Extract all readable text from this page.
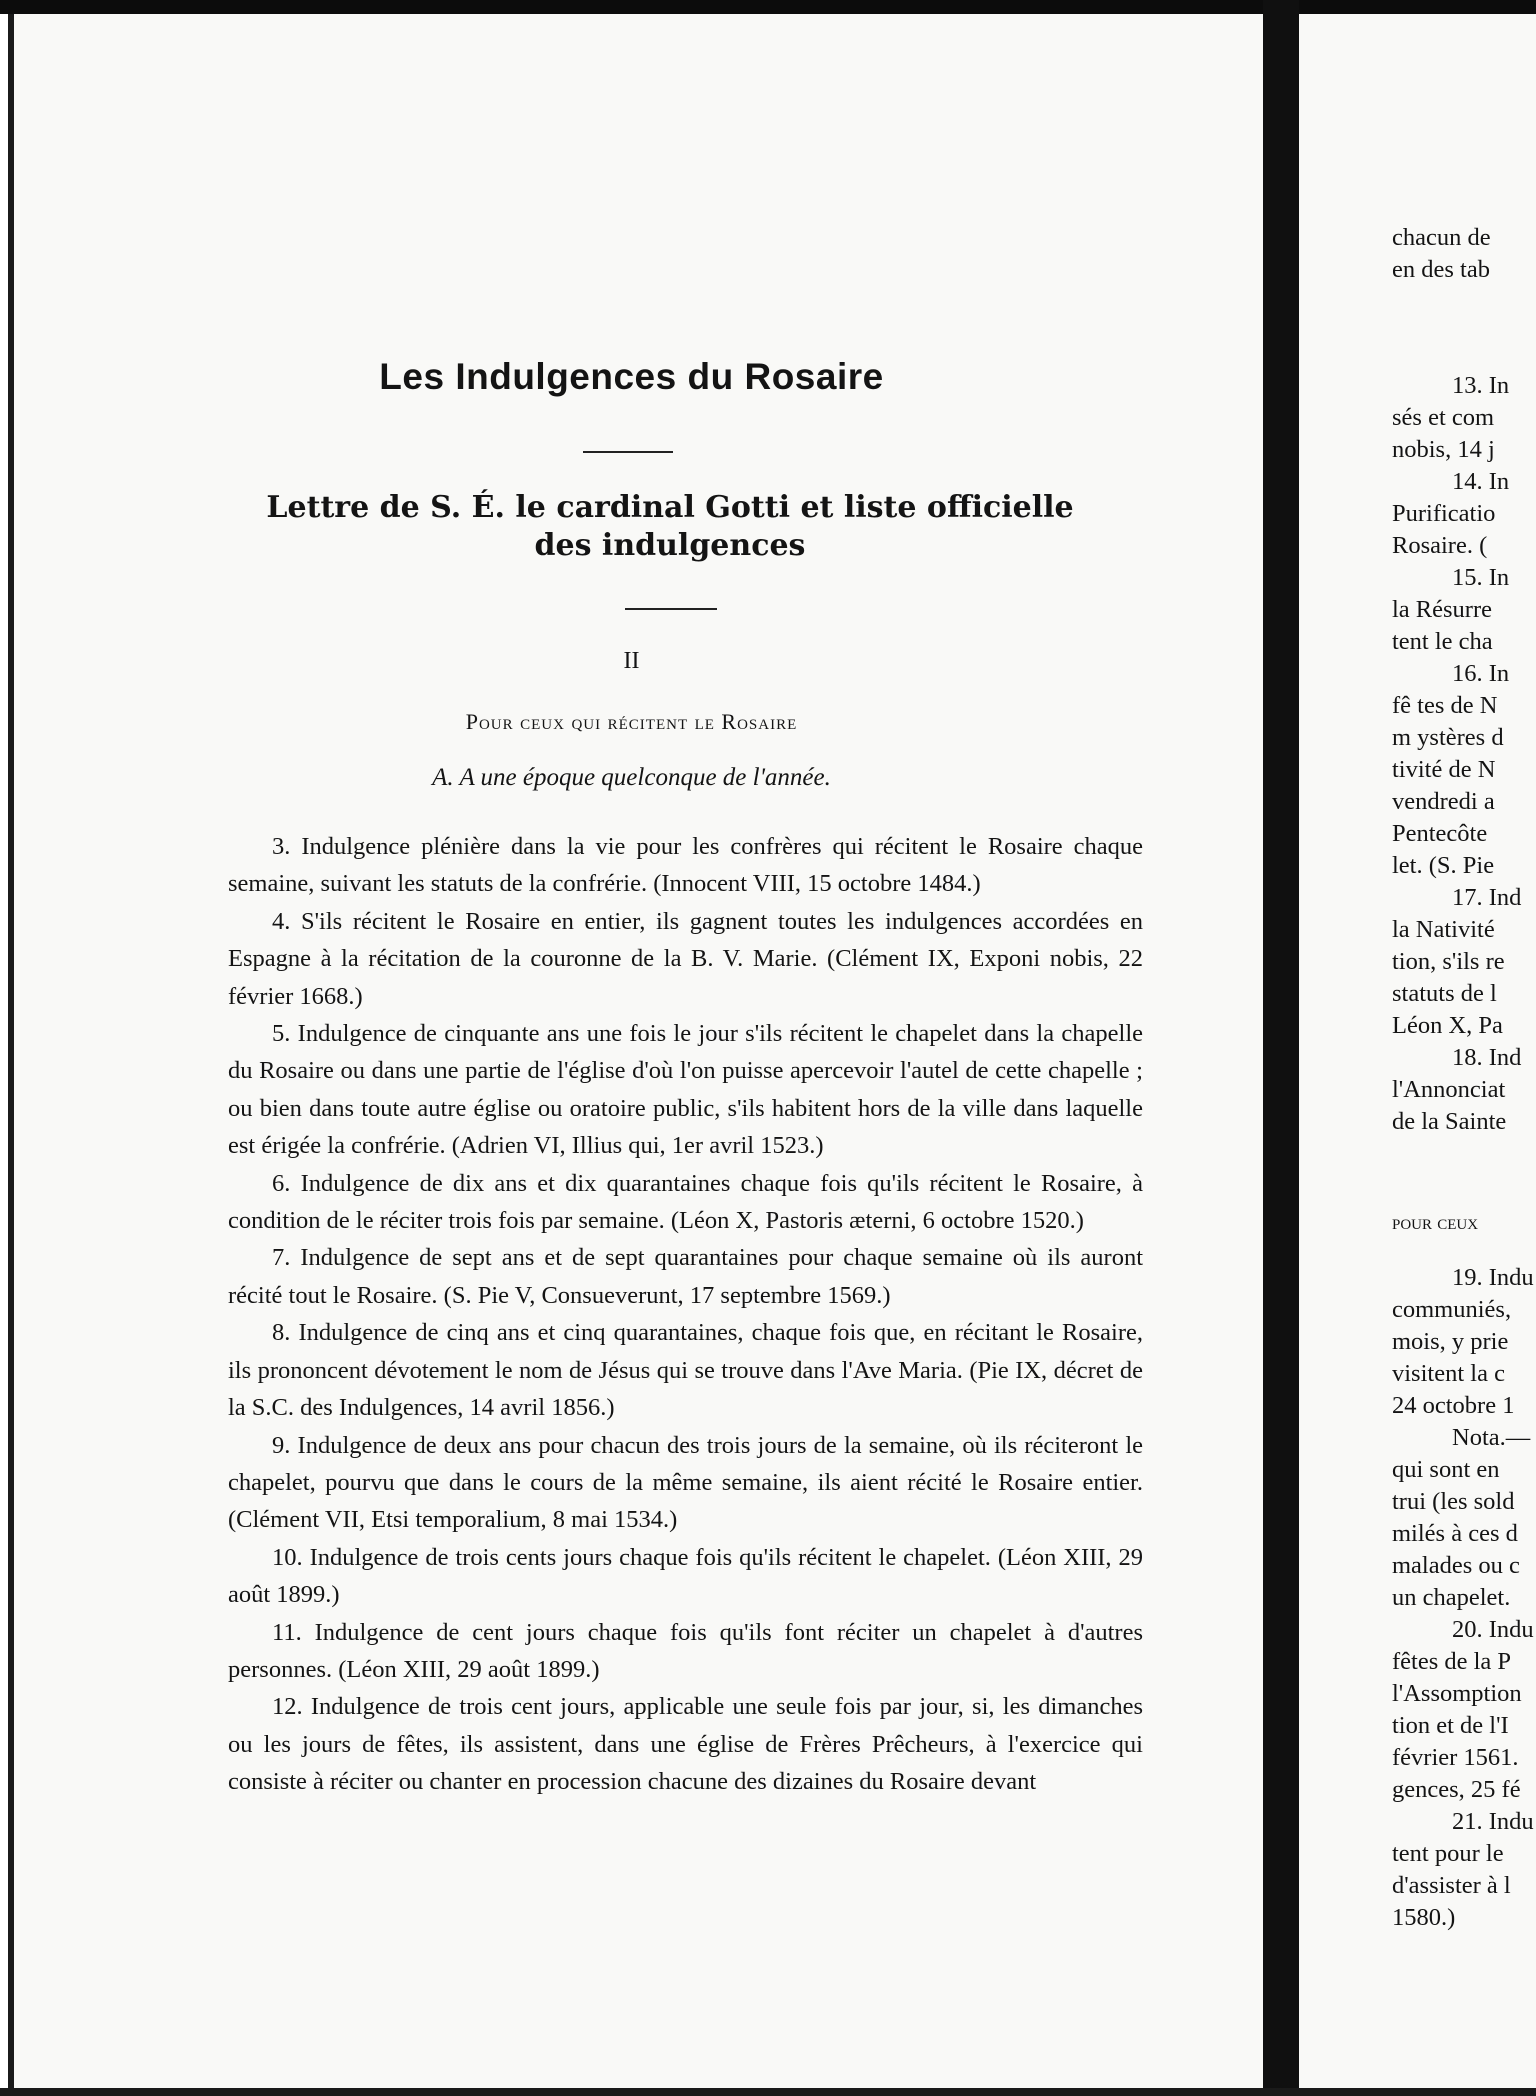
Les Indulgences du Rosaire
Lettre de S. É. le cardinal Gotti et liste officielle
des indulgences
II
Pour ceux qui récitent le Rosaire
A. A une époque quelconque de l'année.

3. Indulgence plénière dans la vie pour les confrères qui récitent le Rosaire chaque semaine, suivant les statuts de la confrérie. (Innocent VIII, 15 octobre 1484.)

4. S'ils récitent le Rosaire en entier, ils gagnent toutes les indulgences accordées en Espagne à la récitation de la couronne de la B. V. Marie. (Clément IX, Exponi nobis, 22 février 1668.)

5. Indulgence de cinquante ans une fois le jour s'ils récitent le chapelet dans la chapelle du Rosaire ou dans une partie de l'église d'où l'on puisse apercevoir l'autel de cette chapelle ; ou bien dans toute autre église ou oratoire public, s'ils habitent hors de la ville dans laquelle est érigée la confrérie. (Adrien VI, Illius qui, 1er avril 1523.)

6. Indulgence de dix ans et dix quarantaines chaque fois qu'ils récitent le Rosaire, à condition de le réciter trois fois par semaine. (Léon X, Pastoris æterni, 6 octobre 1520.)

7. Indulgence de sept ans et de sept quarantaines pour chaque semaine où ils auront récité tout le Rosaire. (S. Pie V, Consueverunt, 17 septembre 1569.)

8. Indulgence de cinq ans et cinq quarantaines, chaque fois que, en récitant le Rosaire, ils prononcent dévotement le nom de Jésus qui se trouve dans l'Ave Maria. (Pie IX, décret de la S.C. des Indulgences, 14 avril 1856.)

9. Indulgence de deux ans pour chacun des trois jours de la semaine, où ils réciteront le chapelet, pourvu que dans le cours de la même semaine, ils aient récité le Rosaire entier. (Clément VII, Etsi temporalium, 8 mai 1534.)

10. Indulgence de trois cents jours chaque fois qu'ils récitent le chapelet. (Léon XIII, 29 août 1899.)

11. Indulgence de cent jours chaque fois qu'ils font réciter un chapelet à d'autres personnes. (Léon XIII, 29 août 1899.)

12. Indulgence de trois cent jours, applicable une seule fois par jour, si, les dimanches ou les jours de fêtes, ils assistent, dans une église de Frères Prêcheurs, à l'exercice qui consiste à réciter ou chanter en procession chacune des dizaines du Rosaire devant

chacun de
en des tab
13. In
sés et com
nobis, 14 j
14. In
Purificatio
Rosaire. (
15. In
la Résurre
tent le cha
16. In
fê tes de N
m ystères d
tivité de N
vendredi a
Pentecôte
let. (S. Pie
17. Ind
la Nativité
tion, s'ils re
statuts de l
Léon X, Pa
18. Ind
l'Annonciat
de la Sainte
pour ceux
19. Indu
communiés,
mois, y prie
visitent la c
24 octobre 1
Nota.—
qui sont en
trui (les sold
milés à ces d
malades ou c
un chapelet.
20. Indu
fêtes de la P
l'Assomption
tion et de l'I
février 1561.
gences, 25 fé
21. Indu
tent pour le
d'assister à l
1580.)
